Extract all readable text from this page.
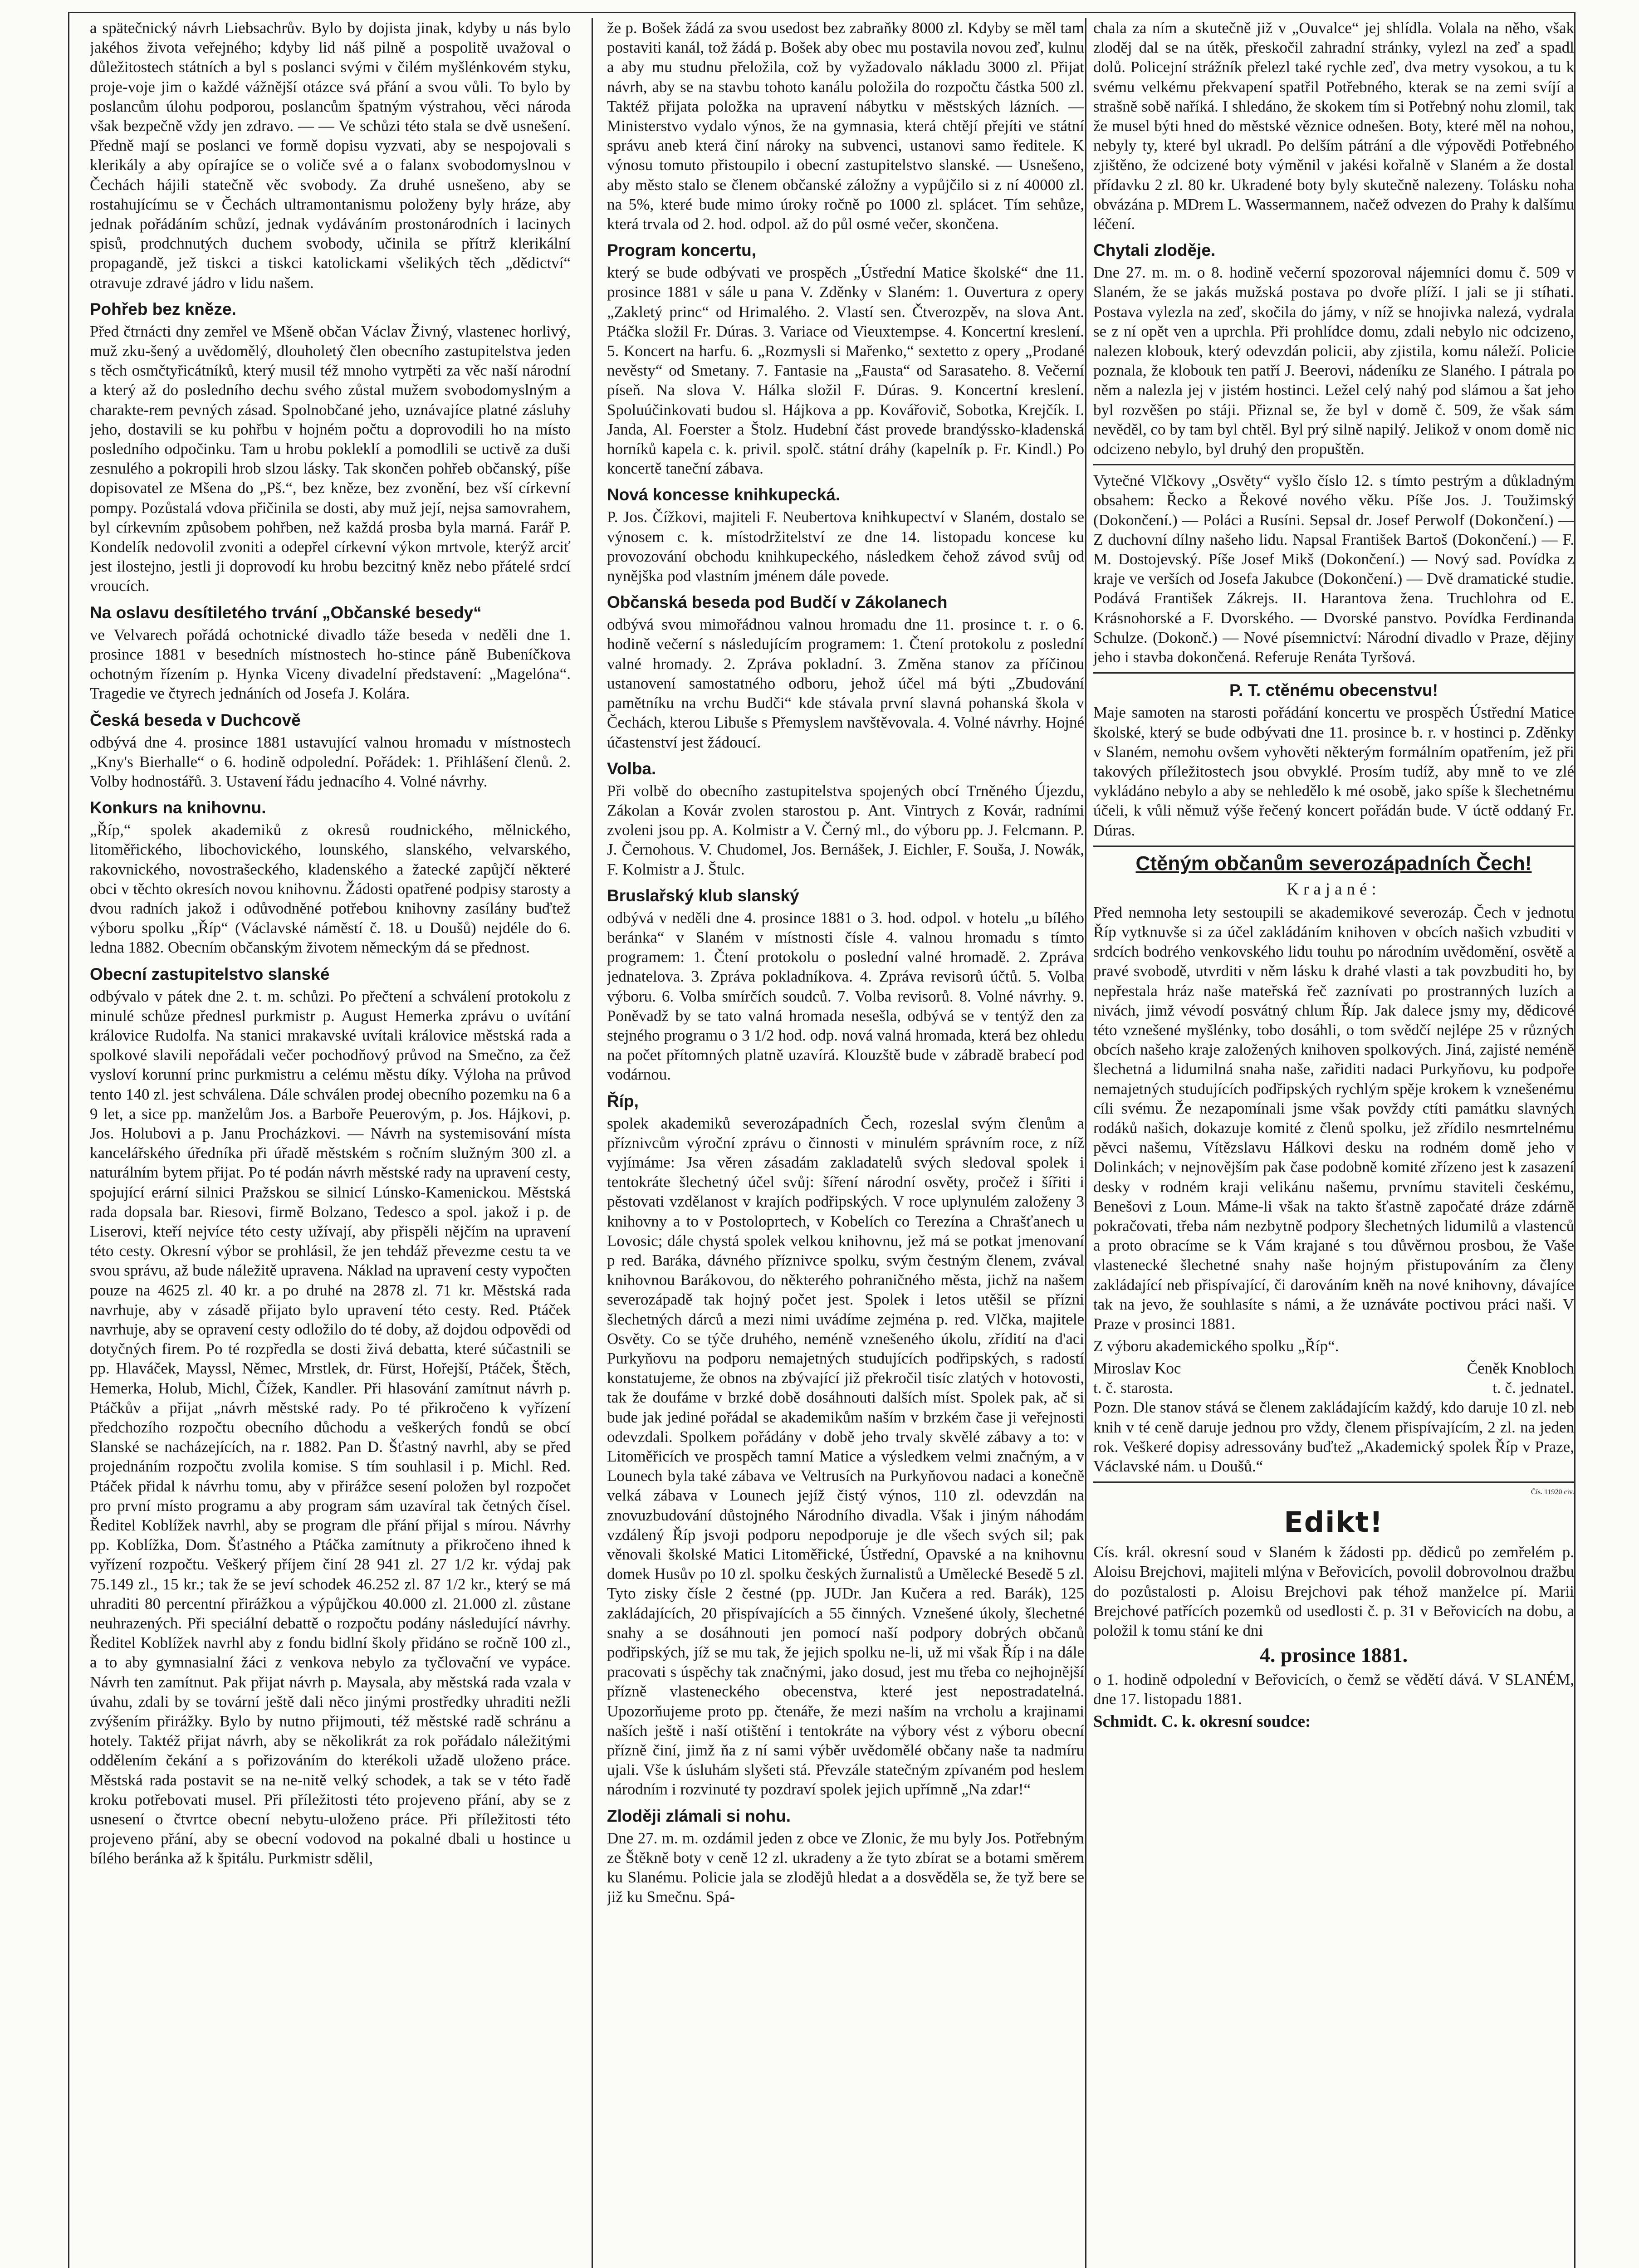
a spätečnický návrh Liebsachrův. Bylo by dojista jinak, kdyby u nás bylo jakéhos života veřejného; kdyby lid náš pilně a pospolitě uvažoval o důležitostech státních a byl s poslanci svými v čilém myšlénkovém styku, proje-voje jim o každé vážnější otázce svá přání a svou vůli. To bylo by poslancům úlohu podporou, poslancům špatným výstrahou, věci národa však bezpečně vždy jen zdravo. — — Ve schůzi této stala se dvě usnešení. Předně mají se poslanci ve formě dopisu vyzvati, aby se nespojovali s klerikály a aby opírajíce se o voliče své a o falanx svobodomyslnou v Čechách hájili statečně věc svobody. Za druhé usnešeno, aby se rostahujícímu se v Čechách ultramontanismu položeny byly hráze, aby jednak pořádáním schůzí, jednak vydáváním prostonárodních i lacinych spisů, prodchnutých duchem svobody, učinila se přítrž klerikální propagandě, jež tiskci a tiskci katolickami všelikých těch „dědictví“ otravuje zdravé jádro v lidu našem.

Pohřeb bez kněze.

Před čtrnácti dny zemřel ve Mšeně občan Václav Živný, vlastenec horlivý, muž zku-šený a uvědomělý, dlouholetý člen obecního zastupitelstva jeden s těch osmčtyřicátníků, který musil též mnoho vytrpěti za věc naší národní a který až do posledního dechu svého zůstal mužem svobodomyslným a charakte-rem pevných zásad. Spolnobčané jeho, uznávajíce platné zásluhy jeho, dostavili se ku pohřbu v hojném počtu a doprovodili ho na místo posledního odpočinku. Tam u hrobu pokleklí a pomodlili se uctivě za duši zesnulého a pokropili hrob slzou lásky. Tak skončen pohřeb občanský, píše dopisovatel ze Mšena do „Pš.“, bez kněze, bez zvonění, bez vší církevní pompy. Pozůstalá vdova přičinila se dosti, aby muž její, nejsa samovrahem, byl církevním způsobem pohřben, než každá prosba byla marná. Farář P. Kondelík nedovolil zvoniti a odepřel církevní výkon mrtvole, kterýž arciť jest ilostejno, jestli ji doprovodí ku hrobu bezcitný kněz nebo přátelé srdcí vroucích.

Na oslavu desítiletého trvání „Občanské besedy“

ve Velvarech pořádá ochotnické divadlo táže beseda v neděli dne 1. prosince 1881 v besedních místnostech ho-stince páně Bubeníčkova ochotným řízením p. Hynka Viceny divadelní představení: „Magelóna“. Tragedie ve čtyrech jednáních od Josefa J. Kolára.

Česká beseda v Duchcově

odbývá dne 4. prosince 1881 ustavující valnou hromadu v místnostech „Kny's Bierhalle“ o 6. hodině odpolední. Pořádek: 1. Přihlášení členů. 2. Volby hodnostářů. 3. Ustavení řádu jednacího 4. Volné návrhy.

Konkurs na knihovnu.

„Říp,“ spolek akademiků z okresů roudnického, mělnického, litoměřického, libochovického, lounského, slanského, velvarského, rakovnického, novostrašeckého, kladenského a žatecké zapůjčí některé obci v těchto okresích novou knihovnu. Žádosti opatřené podpisy starosty a dvou radních jakož i odůvodněné potřebou knihovny zasílány buďtež výboru spolku „Říp“ (Václavské náměstí č. 18. u Doušů) nejdéle do 6. ledna 1882. Obecním občanským životem německým dá se přednost.

Obecní zastupitelstvo slanské

odbývalo v pátek dne 2. t. m. schůzi. Po přečtení a schválení protokolu z minulé schůze přednesl purkmistr p. August Hemerka zprávu o uvítání královice Rudolfa. Na stanici mrakavské uvítali královice městská rada a spolkové slavili nepořádali večer pochodňový průvod na Smečno, za čež vysloví korunní princ purkmistru a celému městu díky. Výloha na průvod tento 140 zl. jest schválena. Dále schválen prodej obecního pozemku na 6 a 9 let, a sice pp. manželům Jos. a Barboře Peuerovým, p. Jos. Hájkovi, p. Jos. Holubovi a p. Janu Procházkovi. — Návrh na systemisování místa kancelářského úředníka při úřadě městském s ročním služným 300 zl. a naturálním bytem přijat. Po té podán návrh městské rady na upravení cesty, spojující erární silnici Pražskou se silnicí Lúnsko-Kamenickou. Městská rada dopsala bar. Riesovi, firmě Bolzano, Tedesco a spol. jakož i p. de Liserovi, kteří nejvíce této cesty užívají, aby přispěli nějčím na upravení této cesty. Okresní výbor se prohlásil, že jen tehdáž převezme cestu ta ve svou správu, až bude náležitě upravena. Náklad na upravení cesty vypočten pouze na 4625 zl. 40 kr. a po druhé na 2878 zl. 71 kr. Městská rada navrhuje, aby v zásadě přijato bylo upravení této cesty. Red. Ptáček navrhuje, aby se opravení cesty odložilo do té doby, až dojdou odpovědi od dotyčných firem. Po té rozpředla se dosti živá debatta, které súčastnili se pp. Hlaváček, Mayssl, Němec, Mrstlek, dr. Fürst, Hořejší, Ptáček, Štěch, Hemerka, Holub, Michl, Čížek, Kandler. Při hlasování zamítnut návrh p. Ptáčkův a přijat „návrh městské rady. Po té přikročeno k vyřízení předchozího rozpočtu obecního důchodu a veškerých fondů se obcí Slanské se nacházejících, na r. 1882. Pan D. Šťastný navrhl, aby se před projednáním rozpočtu zvolila komise. S tím souhlasil i p. Michl. Red. Ptáček přidal k návrhu tomu, aby v přirážce sesení položen byl rozpočet pro první místo programu a aby program sám uzavíral tak četných čísel. Ředitel Koblížek navrhl, aby se program dle přání přijal s mírou. Návrhy pp. Koblížka, Dom. Šťastného a Ptáčka zamítnuty a přikročeno ihned k vyřízení rozpočtu. Veškerý příjem činí 28 941 zl. 27 1/2 kr. výdaj pak 75.149 zl., 15 kr.; tak že se jeví schodek 46.252 zl. 87 1/2 kr., který se má uhraditi 80 percentní přirážkou a výpůjčkou 40.000 zl. 21.000 zl. zůstane neuhrazených. Při speciální debattě o rozpočtu podány následující návrhy. Ředitel Koblížek navrhl aby z fondu bidlní školy přidáno se ročně 100 zl., a to aby gymnasialní žáci z venkova nebylo za tyčlovační ve vypáce. Návrh ten zamítnut. Pak přijat návrh p. Maysala, aby městská rada vzala v úvahu, zdali by se tovární ještě dali něco jinými prostředky uhraditi nežli zvýšením přirážky. Bylo by nutno přijmouti, též městské radě schránu a hotely. Taktéž přijat návrh, aby se několikrát za rok pořádalo náležitými oddělením čekání a s pořizováním do kterékoli užadě uloženo práce. Městská rada postavit se na ne-nitě velký schodek, a tak se v této řadě kroku potřebovati musel. Při příležitosti této projeveno přání, aby se z usnesení o čtvrtce obecní nebytu-uloženo práce. Při příležitosti této projeveno přání, aby se obecní vodovod na pokalné dbali u hostince u bílého beránka až k špitálu. Purkmistr sdělil,

že p. Bošek žádá za svou usedost bez zabraňky 8000 zl. Kdyby se měl tam postaviti kanál, tož žádá p. Bošek aby obec mu postavila novou zeď, kulnu a aby mu studnu přeložila, což by vyžadovalo nákladu 3000 zl. Přijat návrh, aby se na stavbu tohoto kanálu položila do rozpočtu částka 500 zl. Taktéž přijata položka na upravení nábytku v městských lázních. — Ministerstvo vydalo výnos, že na gymnasia, která chtějí přejíti ve státní správu aneb která činí nároky na subvenci, ustanovi samo ředitele. K výnosu tomuto přistoupilo i obecní zastupitelstvo slanské. — Usnešeno, aby město stalo se členem občanské záložny a vypůjčilo si z ní 40000 zl. na 5%, které bude mimo úroky ročně po 1000 zl. splácet. Tím sehůze, která trvala od 2. hod. odpol. až do půl osmé večer, skončena.

Program koncertu,

který se bude odbývati ve prospěch „Ústřední Matice školské“ dne 11. prosince 1881 v sále u pana V. Zděnky v Slaném: 1. Ouvertura z opery „Zakletý princ“ od Hrimalého. 2. Vlastí sen. Čtverozpěv, na slova Ant. Ptáčka složil Fr. Dúras. 3. Variace od Vieuxtempse. 4. Koncertní kreslení. 5. Koncert na harfu. 6. „Rozmysli si Mařenko,“ sextetto z opery „Prodané nevěsty“ od Smetany. 7. Fantasie na „Fausta“ od Sarasateho. 8. Večerní píseň. Na slova V. Hálka složil F. Dúras. 9. Koncertní kreslení. Spoluúčinkovati budou sl. Hájkova a pp. Kovářovič, Sobotka, Krejčík. I. Janda, Al. Foerster a Štolz. Hudební část provede brandýssko-kladenská horníků kapela c. k. privil. spolč. státní dráhy (kapelník p. Fr. Kindl.) Po koncertě taneční zábava.

Nová koncesse knihkupecká.

P. Jos. Čížkovi, majiteli F. Neubertova knihkupectví v Slaném, dostalo se výnosem c. k. místodržitelství ze dne 14. listopadu koncese ku provozování obchodu knihkupeckého, následkem čehož závod svůj od nynějška pod vlastním jménem dále povede.

Občanská beseda pod Budčí v Zákolanech

odbývá svou mimořádnou valnou hromadu dne 11. prosince t. r. o 6. hodině večerní s následujícím programem: 1. Čtení protokolu z poslední valné hromady. 2. Zpráva pokladní. 3. Změna stanov za příčinou ustanovení samostatného odboru, jehož účel má býti „Zbudování pamětníku na vrchu Budči“ kde stávala první slavná pohanská škola v Čechách, kterou Libuše s Přemyslem navštěvovala. 4. Volné návrhy. Hojné účastenství jest žádoucí.

Volba.

Při volbě do obecního zastupitelstva spojených obcí Trněného Újezdu, Zákolan a Kovár zvolen starostou p. Ant. Vintrych z Kovár, radními zvoleni jsou pp. A. Kolmistr a V. Černý ml., do výboru pp. J. Felcmann. P. J. Černohous. V. Chudomel, Jos. Bernášek, J. Eichler, F. Souša, J. Nowák, F. Kolmistr a J. Štulc.

Bruslařský klub slanský

odbývá v neděli dne 4. prosince 1881 o 3. hod. odpol. v hotelu „u bílého beránka“ v Slaném v místnosti čísle 4. valnou hromadu s tímto programem: 1. Čtení protokolu o poslední valné hromadě. 2. Zpráva jednatelova. 3. Zpráva pokladníkova. 4. Zpráva revisorů účtů. 5. Volba výboru. 6. Volba smírčích soudců. 7. Volba revisorů. 8. Volné návrhy. 9. Poněvadž by se tato valná hromada nesešla, odbývá se v tentýž den za stejného programu o 3 1/2 hod. odp. nová valná hromada, která bez ohledu na počet přítomných platně uzavírá. Klouzště bude v zábradě brabecí pod vodárnou.

Říp,

spolek akademiků severozápadních Čech, rozeslal svým členům a příznivcům výroční zprávu o činnosti v minulém správním roce, z níž vyjímáme: Jsa věren zásadám zakladatelů svých sledoval spolek i tentokráte šlechetný účel svůj: šíření národní osvěty, pročež i šířiti i pěstovati vzdělanost v krajích podřipských. V roce uplynulém založeny 3 knihovny a to v Postoloprtech, v Kobelích co Terezína a Chrašťanech u Lovosic; dále chystá spolek velkou knihovnu, jež má se potkat jmenovaní p red. Baráka, dávného příznivce spolku, svým čestným členem, zvával knihovnou Barákovou, do některého pohraničného města, jichž na našem severozápadě tak hojný počet jest. Spolek i letos utěšil se přízni šlechetných dárců a mezi nimi uvádíme zejména p. red. Vlčka, majitele Osvěty. Co se týče druhého, neméně vznešeného úkolu, zřídití na d'aci Purkyňovu na podporu nemajetných studujících podřipských, s radostí konstatujeme, že obnos na zbývající již překročil tisíc zlatých v hotovosti, tak že doufáme v brzké době dosáhnouti dalších míst. Spolek pak, ač si bude jak jediné pořádal se akademikům naším v brzkém čase ji veřejnosti odevzdali. Spolkem pořádány v době jeho trvaly skvělé zábavy a to: v Litoměřicích ve prospěch tamní Matice a výsledkem velmi značným, a v Lounech byla také zábava ve Veltrusích na Purkyňovou nadaci a konečně velká zábava v Lounech jejíž čistý výnos, 110 zl. odevzdán na znovuzbudování důstojného Národního divadla. Však i jiným náhodám vzdálený Říp jsvoji podporu nepodporuje je dle všech svých sil; pak věnovali školské Matici Litoměřické, Ústřední, Opavské a na knihovnu domek Husův po 10 zl. spolku českých žurnalistů a Umělecké Besedě 5 zl. Tyto zisky čísle 2 čestné (pp. JUDr. Jan Kučera a red. Barák), 125 zakládajících, 20 přispívajících a 55 činných. Vznešené úkoly, šlechetné snahy a se dosáhnouti jen pomocí naší podpory dobrých občanů podřipských, jíž se mu tak, že jejich spolku ne-li, už mi však Říp i na dále pracovati s úspěchy tak značnými, jako dosud, jest mu třeba co nejhojnější přízně vlasteneckého obecenstva, které jest nepostradatelná. Upozorňujeme proto pp. čtenáře, že mezi naším na vrcholu a krajinami naších ještě i naší otištění i tentokráte na výbory vést z výboru obecní přízně činí, jimž ňa z ní sami výběr uvědomělé občany naše ta nadmíru ujali. Vše k úsluhám slyšeti stá. Převzále statečným zpívaném pod heslem národním i rozvinuté ty pozdraví spolek jejich upřímně „Na zdar!“

Zloději zlámali si nohu.

Dne 27. m. m. ozdámil jeden z obce ve Zlonic, že mu byly Jos. Potřebným ze Štěkně boty v ceně 12 zl. ukradeny a že tyto zbírat se a botami směrem ku Slanému. Policie jala se zlodějů hledat a a dosvěděla se, že tyž bere se již ku Smečnu. Spá-

chala za ním a skutečně již v „Ouvalce“ jej shlídla. Volala na něho, však zloděj dal se na útěk, přeskočil zahradní stránky, vylezl na zeď a spadl dolů. Policejní strážník přelezl také rychle zeď, dva metry vysokou, a tu k svému velkému překvapení spatřil Potřebného, kterak se na zemi svíjí a strašně sobě naříká. I shledáno, že skokem tím si Potřebný nohu zlomil, tak že musel býti hned do městské věznice odnešen. Boty, které měl na nohou, nebyly ty, které byl ukradl. Po delším pátrání a dle výpovědi Potřebného zjištěno, že odcizené boty výměnil v jakési kořalně v Slaném a že dostal přídavku 2 zl. 80 kr. Ukradené boty byly skutečně nalezeny. Tolásku noha obvázána p. MDrem L. Wassermannem, načež odvezen do Prahy k dalšímu léčení.

Chytali zloděje.

Dne 27. m. m. o 8. hodině večerní spozoroval nájemníci domu č. 509 v Slaném, že se jakás mužská postava po dvoře plíží. I jali se ji stíhati. Postava vylezla na zeď, skočila do jámy, v níž se hnojivka nalezá, vydrala se z ní opět ven a uprchla. Při prohlídce domu, zdali nebylo nic odcizeno, nalezen klobouk, který odevzdán policii, aby zjistila, komu náleží. Policie poznala, že klobouk ten patří J. Beerovi, nádeníku ze Slaného. I pátrala po něm a nalezla jej v jistém hostinci. Ležel celý nahý pod slámou a šat jeho byl rozvěšen po stáji. Přiznal se, že byl v domě č. 509, že však sám nevěděl, co by tam byl chtěl. Byl prý silně napilý. Jelikož v onom domě nic odcizeno nebylo, byl druhý den propuštěn.

Vytečné Vlčkovy „Osvěty“ vyšlo číslo 12. s tímto pestrým a důkladným obsahem: Řecko a Řekové nového věku. Píše Jos. J. Toužimský (Dokončení.) — Poláci a Rusíni. Sepsal dr. Josef Perwolf (Dokončení.) — Z duchovní dílny našeho lidu. Napsal František Bartoš (Dokončení.) — F. M. Dostojevský. Píše Josef Mikš (Dokončení.) — Nový sad. Povídka z kraje ve verších od Josefa Jakubce (Dokončení.) — Dvě dramatické studie. Podává František Zákrejs. II. Harantova žena. Truchlohra od E. Krásnohorské a F. Dvorského. — Dvorské panstvo. Povídka Ferdinanda Schulze. (Dokonč.) — Nové písemnictví: Národní divadlo v Praze, dějiny jeho i stavba dokončená. Referuje Renáta Tyršová.

P. T. ctěnému obecenstvu!

Maje samoten na starosti pořádání koncertu ve prospěch Ústřední Matice školské, který se bude odbývati dne 11. prosince b. r. v hostinci p. Zděnky v Slaném, nemohu ovšem vyhověti některým formálním opatřením, jež při takových příležitostech jsou obvyklé. Prosím tudíž, aby mně to ve zlé vykládáno nebylo a aby se nehledělo k mé osobě, jako spíše k šlechetnému účeli, k vůli němuž výše řečený koncert pořádán bude. V úctě oddaný Fr. Dúras.

Ctěným občanům severozápadních Čech!
Krajané:

Před nemnoha lety sestoupili se akademikové severozáp. Čech v jednotu Říp vytknuvše si za účel zakládáním knihoven v obcích našich vzbuditi v srdcích bodrého venkovského lidu touhu po národním uvědomění, osvětě a pravé svobodě, utvrditi v něm lásku k drahé vlasti a tak povzbuditi ho, by nepřestala hráz naše mateřská řeč zaznívati po prostranných luzích a nivách, jimž vévodí posvátný chlum Říp. Jak dalece jsmy my, dědicové této vznešené myšlénky, tobo dosáhli, o tom svědčí nejlépe 25 v různých obcích našeho kraje založených knihoven spolkových. Jiná, zajisté neméně šlechetná a lidumilná snaha naše, zařiditi nadaci Purkyňovu, ku podpoře nemajetných studujících podřipských rychlým spěje krokem k vznešenému cíli svému. Že nezapomínali jsme však povždy ctíti památku slavných rodáků našich, dokazuje komité z členů spolku, jež zřídilo nesmrtelnému pěvci našemu, Vítězslavu Hálkovi desku na rodném domě jeho v Dolinkách; v nejnovějším pak čase podobně komité zřízeno jest k zasazení desky v rodném kraji velikánu našemu, prvnímu staviteli českému, Benešovi z Loun. Máme-li však na takto šťastně započaté dráze zdárně pokračovati, třeba nám nezbytně podpory šlechetných lidumilů a vlastenců a proto obracíme se k Vám krajané s tou důvěrnou prosbou, že Vaše vlastenecké šlechetné snahy naše hojným přistupováním za členy zakládající neb přispívající, či darováním kněh na nové knihovny, dávajíce tak na jevo, že souhlasíte s námi, a že uznáváte poctivou práci naši. V Praze v prosinci 1881.

Z výboru akademického spolku „Říp“.

Miroslav Koc	Čeněk Knobloch
t. č. starosta.	t. č. jednatel.

Pozn. Dle stanov stává se členem zakládajícím každý, kdo daruje 10 zl. neb knih v té ceně daruje jednou pro vždy, členem přispívajícím, 2 zl. na jeden rok. Veškeré dopisy adressovány buďtež „Akademický spolek Říp v Praze, Václavské nám. u Doušů.“

Čís. 11920 civ.
Edikt!

Cís. král. okresní soud v Slaném k žádosti pp. dědiců po zemřelém p. Aloisu Brejchovi, majiteli mlýna v Beřovicích, povolil dobrovolnou dražbu do pozůstalosti p. Aloisu Brejchovi pak téhož manželce pí. Marii Brejchové patřících pozemků od usedlosti č. p. 31 v Beřovicích na dobu, a položil k tomu stání ke dni

4. prosince 1881.

o 1. hodině odpolední v Beřovicích, o čemž se vědětí dává. V SLANÉM, dne 17. listopadu 1881.

Schmidt. C. k. okresní soudce:
